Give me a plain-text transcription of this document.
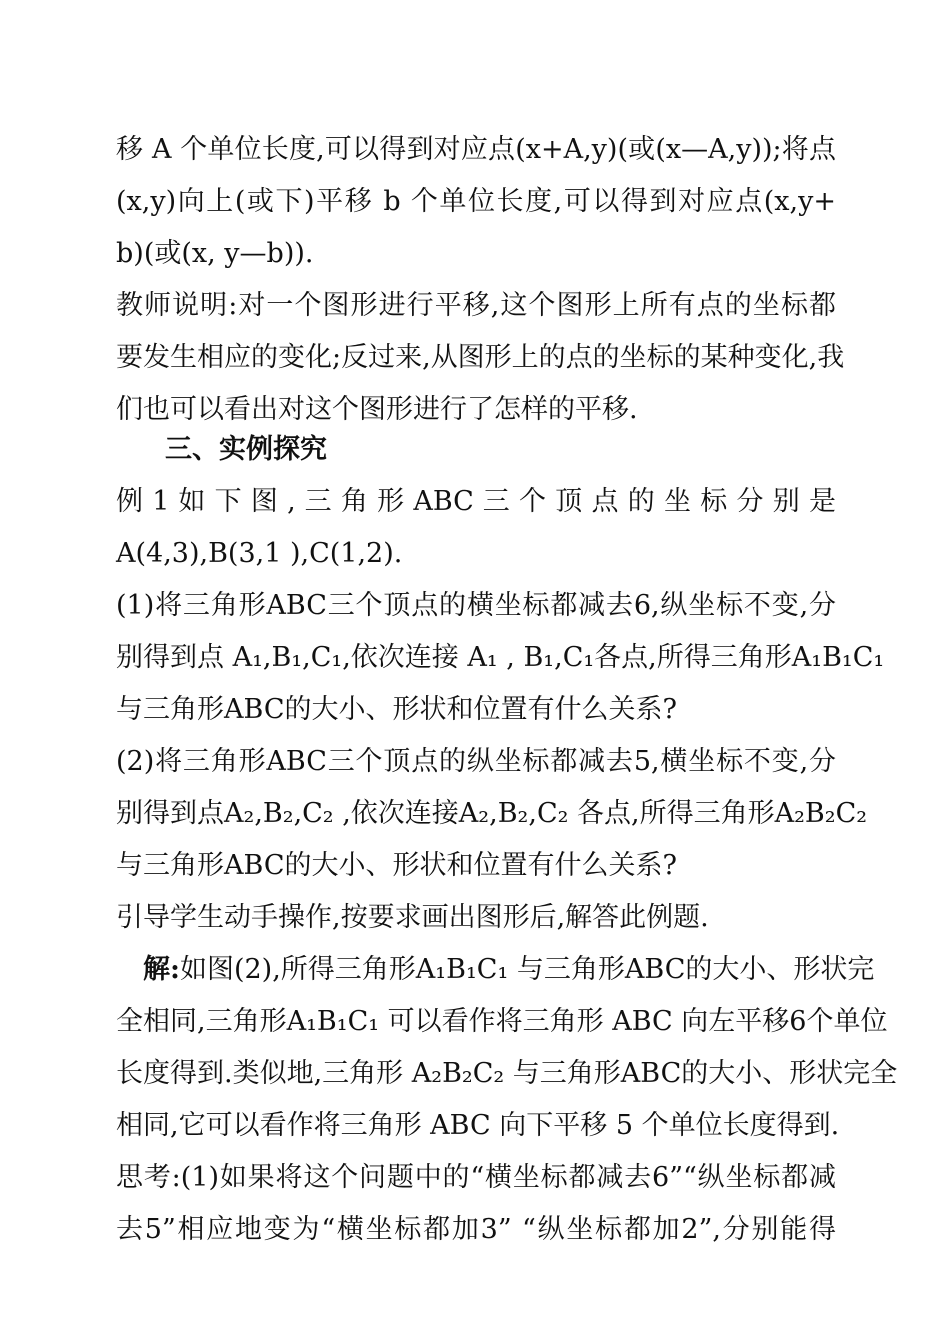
移 A 个单位长度,可以得到对应点(x+A,y)(或(x—A,y));将点
(x,y)向上(或下)平移 b 个单位长度,可以得到对应点(x,y+
b)(或(x, y—b)).
教师说明:对一个图形进行平移,这个图形上所有点的坐标都
要发生相应的变化;反过来,从图形上的点的坐标的某种变化,我
们也可以看出对这个图形进行了怎样的平移.
三、实例探究
例 1 如 下 图 , 三 角 形 ABC 三 个 顶 点 的 坐 标 分 别 是
A(4,3),B(3,1 ),C(1,2).
(1)将三角形ABC三个顶点的横坐标都减去6,纵坐标不变,分
别得到点 A₁,B₁,C₁,依次连接 A₁ , B₁,C₁各点,所得三角形A₁B₁C₁
与三角形ABC的大小、形状和位置有什么关系?
(2)将三角形ABC三个顶点的纵坐标都减去5,横坐标不变,分
别得到点A₂,B₂,C₂ ,依次连接A₂,B₂,C₂ 各点,所得三角形A₂B₂C₂
与三角形ABC的大小、形状和位置有什么关系?
引导学生动手操作,按要求画出图形后,解答此例题.
解:如图(2),所得三角形A₁B₁C₁ 与三角形ABC的大小、形状完
全相同,三角形A₁B₁C₁ 可以看作将三角形 ABC 向左平移6个单位
长度得到.类似地,三角形 A₂B₂C₂ 与三角形ABC的大小、形状完全
相同,它可以看作将三角形 ABC 向下平移 5 个单位长度得到.
思考:(1)如果将这个问题中的“横坐标都减去6”“纵坐标都减
去5”相应地变为“横坐标都加3” “纵坐标都加2”,分别能得
